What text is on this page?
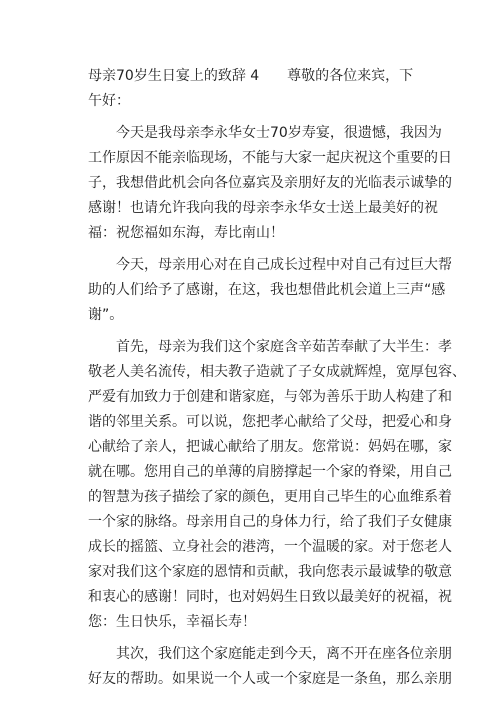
母亲70岁生日宴上的致辞 4　　尊敬的各位来宾，下
午好：
今天是我母亲李永华女士70岁寿宴，很遗憾，我因为
工作原因不能亲临现场，不能与大家一起庆祝这个重要的日
子，我想借此机会向各位嘉宾及亲朋好友的光临表示诚挚的
感谢！也请允许我向我的母亲李永华女士送上最美好的祝
福：祝您福如东海，寿比南山！
今天，母亲用心对在自己成长过程中对自己有过巨大帮
助的人们给予了感谢，在这，我也想借此机会道上三声“感
谢”。
首先，母亲为我们这个家庭含辛茹苦奉献了大半生：孝
敬老人美名流传，相夫教子造就了子女成就辉煌，宽厚包容、
严爱有加致力于创建和谐家庭，与邻为善乐于助人构建了和
谐的邻里关系。可以说，您把孝心献给了父母，把爱心和身
心献给了亲人，把诚心献给了朋友。您常说：妈妈在哪，家
就在哪。您用自己的单薄的肩膀撑起一个家的脊梁，用自己
的智慧为孩子描绘了家的颜色，更用自己毕生的心血维系着
一个家的脉络。母亲用自己的身体力行，给了我们子女健康
成长的摇篮、立身社会的港湾，一个温暖的家。对于您老人
家对我们这个家庭的恩情和贡献，我向您表示最诚挚的敬意
和衷心的感谢！同时，也对妈妈生日致以最美好的祝福，祝
您：生日快乐，幸福长寿！
其次，我们这个家庭能走到今天，离不开在座各位亲朋
好友的帮助。如果说一个人或一个家庭是一条鱼，那么亲朋
